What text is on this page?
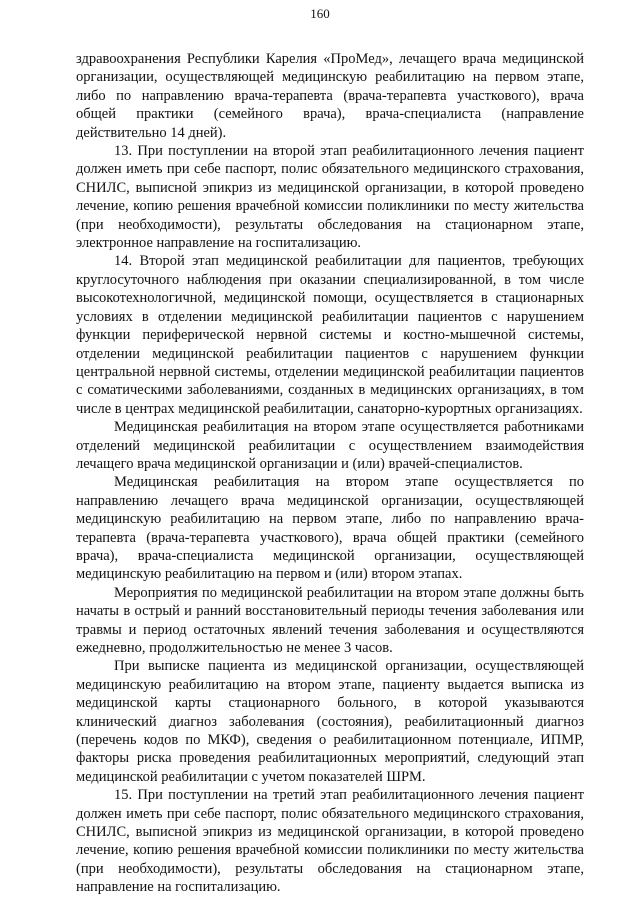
160

здравоохранения Республики Карелия «ПроМед», лечащего врача медицинской организации, осуществляющей медицинскую реабилитацию на первом этапе, либо по направлению врача-терапевта (врача-терапевта участкового), врача общей практики (семейного врача), врача-специалиста (направление действительно 14 дней).

13. При поступлении на второй этап реабилитационного лечения пациент должен иметь при себе паспорт, полис обязательного медицинского страхования, СНИЛС, выписной эпикриз из медицинской организации, в которой проведено лечение, копию решения врачебной комиссии поликлиники по месту жительства (при необходимости), результаты обследования на стационарном этапе, электронное направление на госпитализацию.

14. Второй этап медицинской реабилитации для пациентов, требующих круглосуточного наблюдения при оказании специализированной, в том числе высокотехнологичной, медицинской помощи, осуществляется в стационарных условиях в отделении медицинской реабилитации пациентов с нарушением функции периферической нервной системы и костно-мышечной системы, отделении медицинской реабилитации пациентов с нарушением функции центральной нервной системы, отделении медицинской реабилитации пациентов с соматическими заболеваниями, созданных в медицинских организациях, в том числе в центрах медицинской реабилитации, санаторно-курортных организациях.

Медицинская реабилитация на втором этапе осуществляется работниками отделений медицинской реабилитации с осуществлением взаимодействия лечащего врача медицинской организации и (или) врачей-специалистов.

Медицинская реабилитация на втором этапе осуществляется по направлению лечащего врача медицинской организации, осуществляющей медицинскую реабилитацию на первом этапе, либо по направлению врача-терапевта (врача-терапевта участкового), врача общей практики (семейного врача), врача-специалиста медицинской организации, осуществляющей медицинскую реабилитацию на первом и (или) втором этапах.

Мероприятия по медицинской реабилитации на втором этапе должны быть начаты в острый и ранний восстановительный периоды течения заболевания или травмы и период остаточных явлений течения заболевания и осуществляются ежедневно, продолжительностью не менее 3 часов.

При выписке пациента из медицинской организации, осуществляющей медицинскую реабилитацию на втором этапе, пациенту выдается выписка из медицинской карты стационарного больного, в которой указываются клинический диагноз заболевания (состояния), реабилитационный диагноз (перечень кодов по МКФ), сведения о реабилитационном потенциале, ИПМР, факторы риска проведения реабилитационных мероприятий, следующий этап медицинской реабилитации с учетом показателей ШРМ.

15. При поступлении на третий этап реабилитационного лечения пациент должен иметь при себе паспорт, полис обязательного медицинского страхования, СНИЛС, выписной эпикриз из медицинской организации, в которой проведено лечение, копию решения врачебной комиссии поликлиники по месту жительства (при необходимости), результаты обследования на стационарном этапе, направление на госпитализацию.
